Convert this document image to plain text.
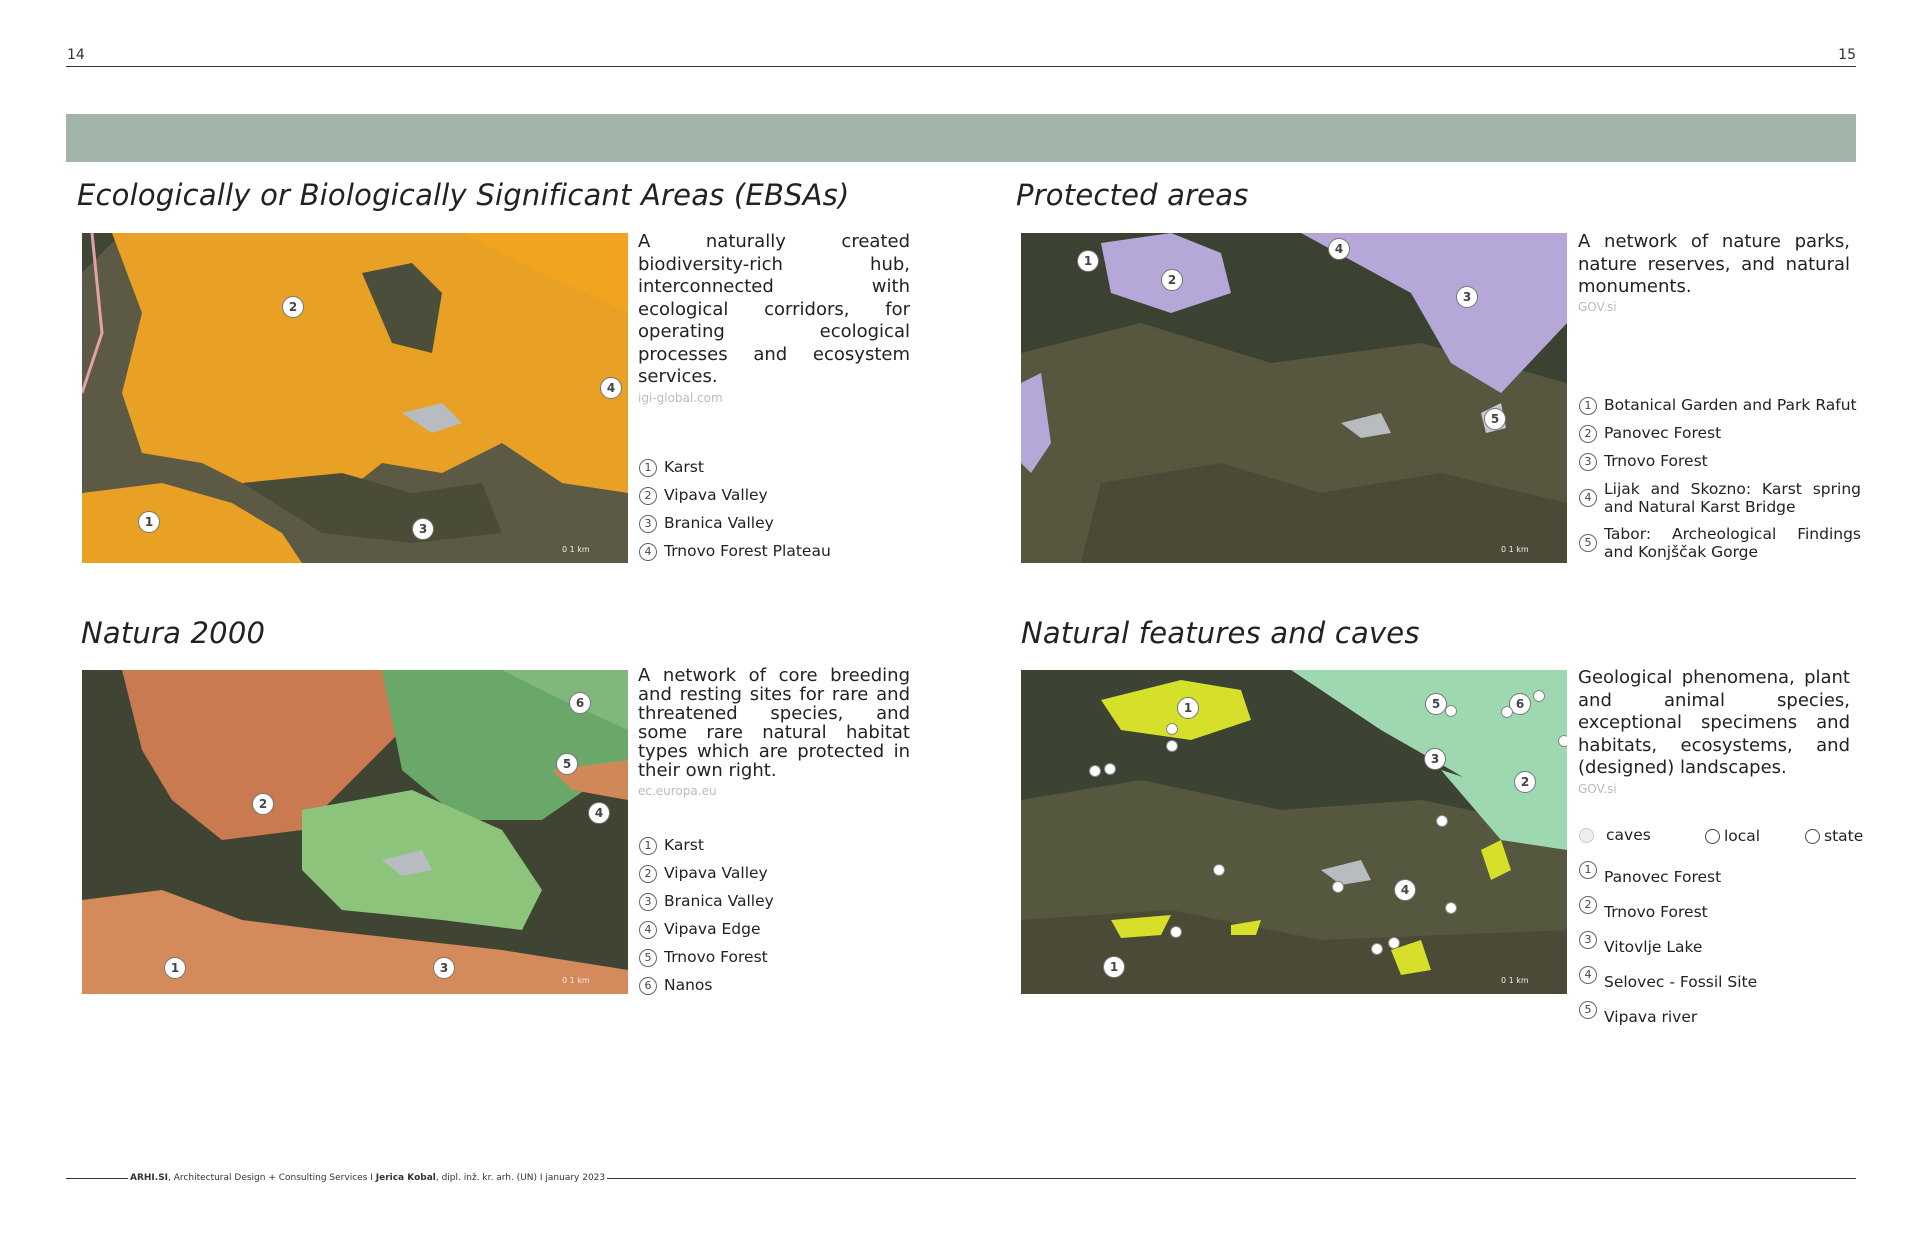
14	15
Ecologically or Biologically Significant Areas (EBSAs)
2
4
1	3
0 1 km
A naturally created biodiversity-rich hub, interconnected with ecological corridors, for operating ecological processes and ecosystem services.
igi-global.com
1 Karst
2 Vipava Valley
3 Branica Valley
4 Trnovo Forest Plateau
Protected areas
1
2
4
3
5
0 1 km
A network of nature parks, nature reserves, and natural monuments.
GOV.si
1 Botanical Garden and Park Rafut
2 Panovec Forest
3 Trnovo Forest
4 Lijak and Skozno: Karst spring and Natural Karst Bridge
5 Tabor: Archeological Findings and Konjščak Gorge
Natura 2000
6
5
4
2
1	3
0 1 km
A network of core breeding and resting sites for rare and threatened species, and some rare natural habitat types which are protected in their own right.
ec.europa.eu
1 Karst
2 Vipava Valley
3 Branica Valley
4 Vipava Edge
5 Trnovo Forest
6 Nanos
Natural features and caves
1	5	6
3
2
4
1
0 1 km
Geological phenomena, plant and animal species, exceptional specimens and habitats, ecosystems, and (designed) landscapes.
GOV.si
caves	local	state
1 Panovec Forest
2 Trnovo Forest
3 Vitovlje Lake
4 Selovec - Fossil Site
5 Vipava river
ARHI.SI, Architectural Design + Consulting Services I Jerica Kobal, dipl. inž. kr. arh. (UN) I january 2023
